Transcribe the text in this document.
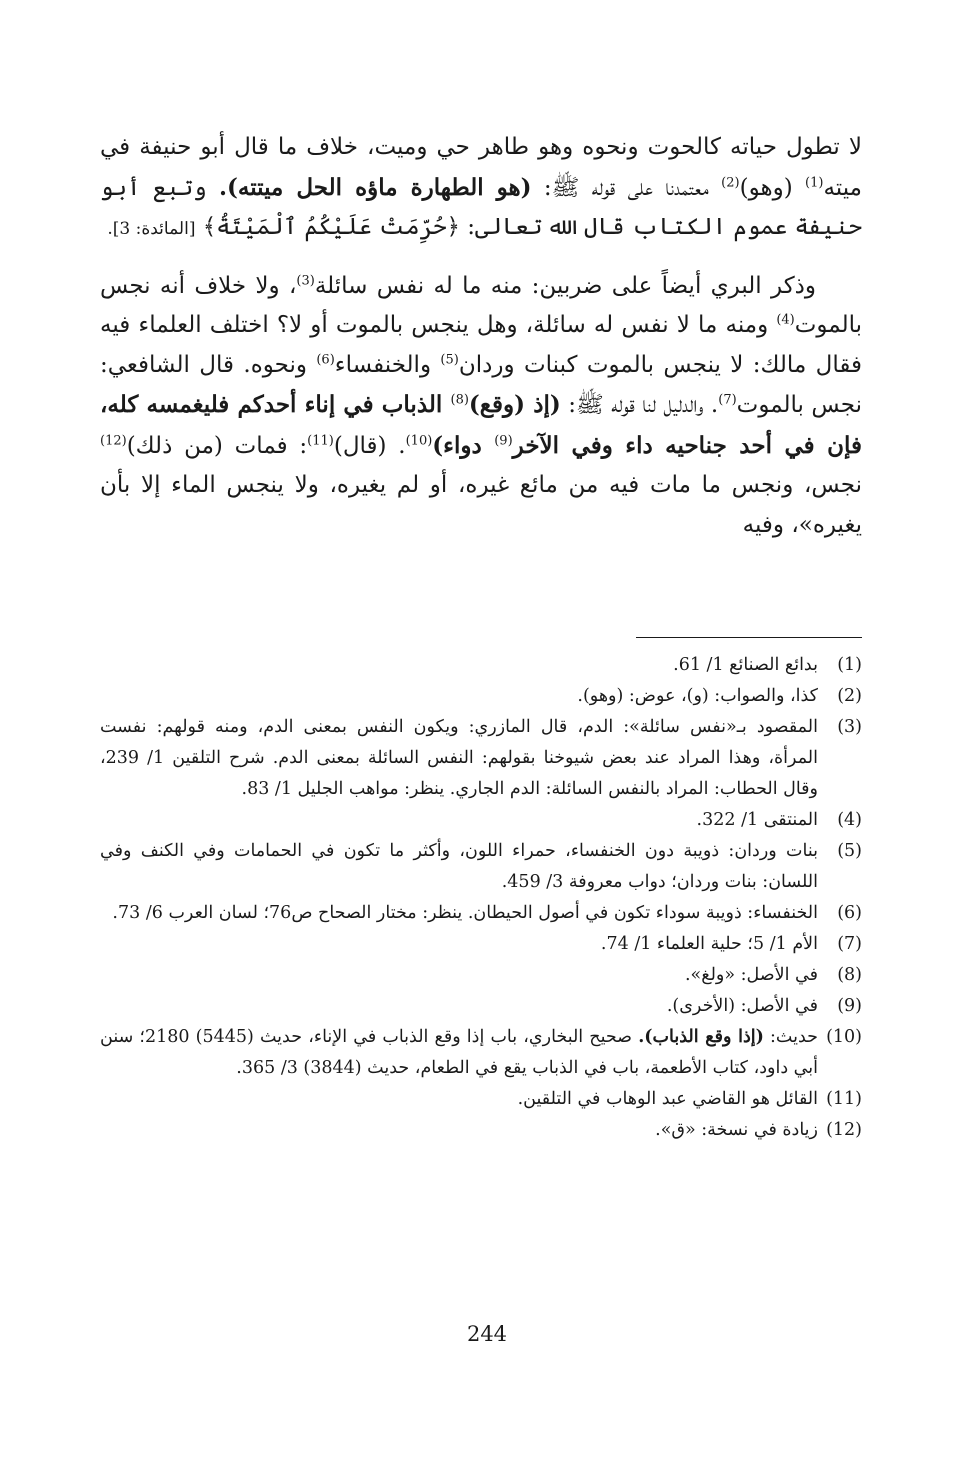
لا تطول حياته كالحوت ونحوه وهو طاهر حي وميت، خلاف ما قال أبو حنيفة في ميته$^{(1)}$ (وهو)$^{(2)}$ معتمدنا على قوله ﷺ: (هو الطهارة ماؤه الحل ميتته). وتبع أبو حنيفة عموم الكتاب قال الله تعالى: ﴿حُرِّمَتْ عَلَيْكُمُ ٱلْمَيْتَةُ﴾ [المائدة: 3].

وذكر البري أيضاً على ضربين: منه ما له نفس سائلة$^{(3)}$، ولا خلاف أنه نجس بالموت$^{(4)}$ ومنه ما لا نفس له سائلة، وهل ينجس بالموت أو لا؟ اختلف العلماء فيه فقال مالك: لا ينجس بالموت كبنات وردان$^{(5)}$ والخنفساء$^{(6)}$ ونحوه. قال الشافعي: نجس بالموت$^{(7)}$. والدليل لنا قوله ﷺ: (إذ (وقع)$^{(8)}$ الذباب في إناء أحدكم فليغمسه كله، فإن في أحد جناحيه داء وفي الآخر$^{(9)}$ دواء)$^{(10)}$. (قال)$^{(11)}$: فمات (من ذلك)$^{(12)}$ نجس، ونجس ما مات فيه من مائع غيره، أو لم يغيره، ولا ينجس الماء إلا بأن يغيره»، وفيه

(1)
بدائع الصنائع 1/ 61.
(2)
كذا، والصواب: (و)، عوض: (وهو).
(3)
المقصود بـ«نفس سائلة»: الدم، قال المازري: ويكون النفس بمعنى الدم، ومنه قولهم: نفست المرأة، وهذا المراد عند بعض شيوخنا بقولهم: النفس السائلة بمعنى الدم. شرح التلقين 1/ 239، وقال الحطاب: المراد بالنفس السائلة: الدم الجاري. ينظر: مواهب الجليل 1/ 83.
(4)
المنتقى 1/ 322.
(5)
بنات وردان: ذويبة دون الخنفساء، حمراء اللون، وأكثر ما تكون في الحمامات وفي الكنف وفي اللسان: بنات وردان؛ دواب معروفة 3/ 459.
(6)
الخنفساء: ذويبة سوداء تكون في أصول الحيطان. ينظر: مختار الصحاح ص76؛ لسان العرب 6/ 73.
(7)
الأم 1/ 5؛ حلية العلماء 1/ 74.
(8)
في الأصل: «ولغ».
(9)
في الأصل: (الأخرى).
(10)
حديث: (إذا وقع الذباب). صحيح البخاري، باب إذا وقع الذباب في الإناء، حديث (5445) 2180؛ سنن أبي داود، كتاب الأطعمة، باب في الذباب يقع في الطعام، حديث (3844) 3/ 365.
(11)
القائل هو القاضي عبد الوهاب في التلقين.
(12)
زيادة في نسخة: «ق».
244
